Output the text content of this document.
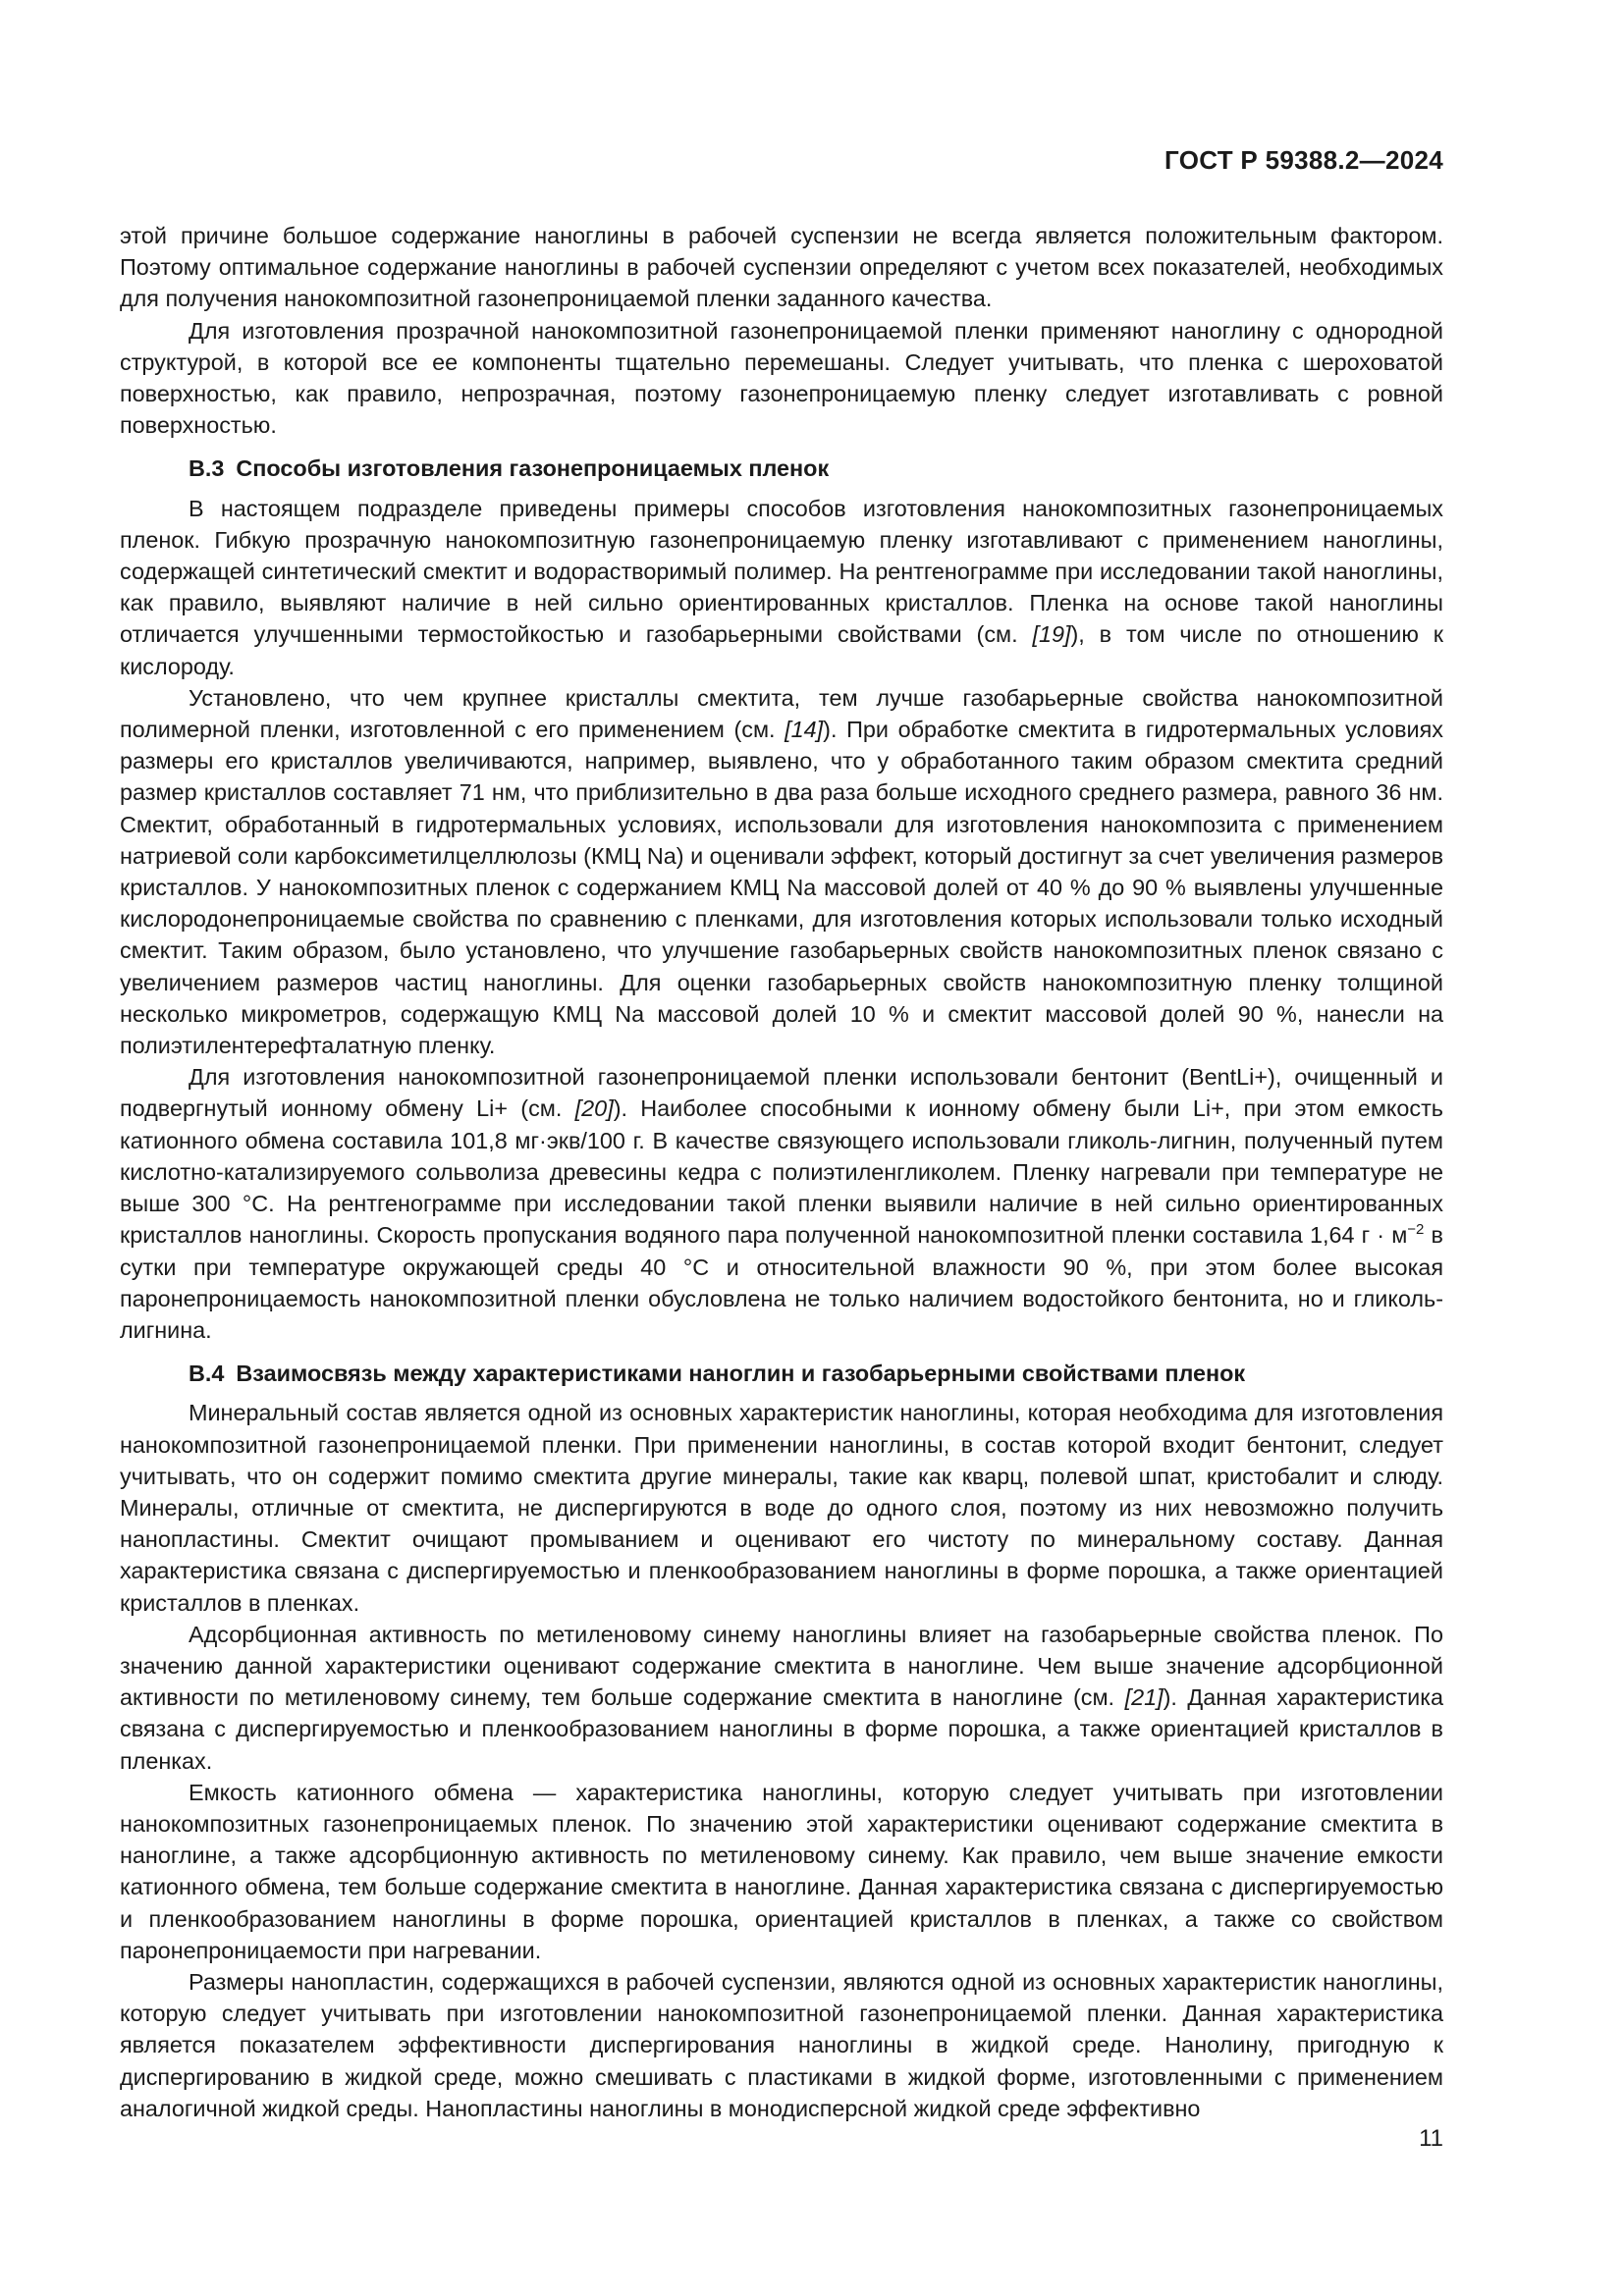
ГОСТ Р 59388.2—2024

этой причине большое содержание наноглины в рабочей суспензии не всегда является положительным фактором. Поэтому оптимальное содержание наноглины в рабочей суспензии определяют с учетом всех показателей, необходимых для получения нанокомпозитной газонепроницаемой пленки заданного качества.

Для изготовления прозрачной нанокомпозитной газонепроницаемой пленки применяют наноглину с однородной структурой, в которой все ее компоненты тщательно перемешаны. Следует учитывать, что пленка с шероховатой поверхностью, как правило, непрозрачная, поэтому газонепроницаемую пленку следует изготавливать с ровной поверхностью.

В.3 Способы изготовления газонепроницаемых пленок

В настоящем подразделе приведены примеры способов изготовления нанокомпозитных газонепроницаемых пленок. Гибкую прозрачную нанокомпозитную газонепроницаемую пленку изготавливают с применением наноглины, содержащей синтетический смектит и водорастворимый полимер. На рентгенограмме при исследовании такой наноглины, как правило, выявляют наличие в ней сильно ориентированных кристаллов. Пленка на основе такой наноглины отличается улучшенными термостойкостью и газобарьерными свойствами (см. [19]), в том числе по отношению к кислороду.

Установлено, что чем крупнее кристаллы смектита, тем лучше газобарьерные свойства нанокомпозитной полимерной пленки, изготовленной с его применением (см. [14]). При обработке смектита в гидротермальных условиях размеры его кристаллов увеличиваются, например, выявлено, что у обработанного таким образом смектита средний размер кристаллов составляет 71 нм, что приблизительно в два раза больше исходного среднего размера, равного 36 нм. Смектит, обработанный в гидротермальных условиях, использовали для изготовления нанокомпозита с применением натриевой соли карбоксиметилцеллюлозы (КМЦ Na) и оценивали эффект, который достигнут за счет увеличения размеров кристаллов. У нанокомпозитных пленок с содержанием КМЦ Na массовой долей от 40 % до 90 % выявлены улучшенные кислородонепроницаемые свойства по сравнению с пленками, для изготовления которых использовали только исходный смектит. Таким образом, было установлено, что улучшение газобарьерных свойств нанокомпозитных пленок связано с увеличением размеров частиц наноглины. Для оценки газобарьерных свойств нанокомпозитную пленку толщиной несколько микрометров, содержащую КМЦ Na массовой долей 10 % и смектит массовой долей 90 %, нанесли на полиэтилентерефталатную пленку.

Для изготовления нанокомпозитной газонепроницаемой пленки использовали бентонит (BentLi+), очищенный и подвергнутый ионному обмену Li+ (см. [20]). Наиболее способными к ионному обмену были Li+, при этом емкость катионного обмена составила 101,8 мг·экв/100 г. В качестве связующего использовали гликоль-лигнин, полученный путем кислотно-катализируемого сольволиза древесины кедра с полиэтиленгликолем. Пленку нагревали при температуре не выше 300 °C. На рентгенограмме при исследовании такой пленки выявили наличие в ней сильно ориентированных кристаллов наноглины. Скорость пропускания водяного пара полученной нанокомпозитной пленки составила 1,64 $г \cdot м^{-2}$ в сутки при температуре окружающей среды 40 °C и относительной влажности 90 %, при этом более высокая паронепроницаемость нанокомпозитной пленки обусловлена не только наличием водостойкого бентонита, но и гликоль-лигнина.

В.4 Взаимосвязь между характеристиками наноглин и газобарьерными свойствами пленок

Минеральный состав является одной из основных характеристик наноглины, которая необходима для изготовления нанокомпозитной газонепроницаемой пленки. При применении наноглины, в состав которой входит бентонит, следует учитывать, что он содержит помимо смектита другие минералы, такие как кварц, полевой шпат, кристобалит и слюду. Минералы, отличные от смектита, не диспергируются в воде до одного слоя, поэтому из них невозможно получить нанопластины. Смектит очищают промыванием и оценивают его чистоту по минеральному составу. Данная характеристика связана с диспергируемостью и пленкообразованием наноглины в форме порошка, а также ориентацией кристаллов в пленках.

Адсорбционная активность по метиленовому синему наноглины влияет на газобарьерные свойства пленок. По значению данной характеристики оценивают содержание смектита в наноглине. Чем выше значение адсорбционной активности по метиленовому синему, тем больше содержание смектита в наноглине (см. [21]). Данная характеристика связана с диспергируемостью и пленкообразованием наноглины в форме порошка, а также ориентацией кристаллов в пленках.

Емкость катионного обмена — характеристика наноглины, которую следует учитывать при изготовлении нанокомпозитных газонепроницаемых пленок. По значению этой характеристики оценивают содержание смектита в наноглине, а также адсорбционную активность по метиленовому синему. Как правило, чем выше значение емкости катионного обмена, тем больше содержание смектита в наноглине. Данная характеристика связана с диспергируемостью и пленкообразованием наноглины в форме порошка, ориентацией кристаллов в пленках, а также со свойством паронепроницаемости при нагревании.

Размеры нанопластин, содержащихся в рабочей суспензии, являются одной из основных характеристик наноглины, которую следует учитывать при изготовлении нанокомпозитной газонепроницаемой пленки. Данная характеристика является показателем эффективности диспергирования наноглины в жидкой среде. Нанолину, пригодную к диспергированию в жидкой среде, можно смешивать с пластиками в жидкой форме, изготовленными с применением аналогичной жидкой среды. Нанопластины наноглины в монодисперсной жидкой среде эффективно

11
